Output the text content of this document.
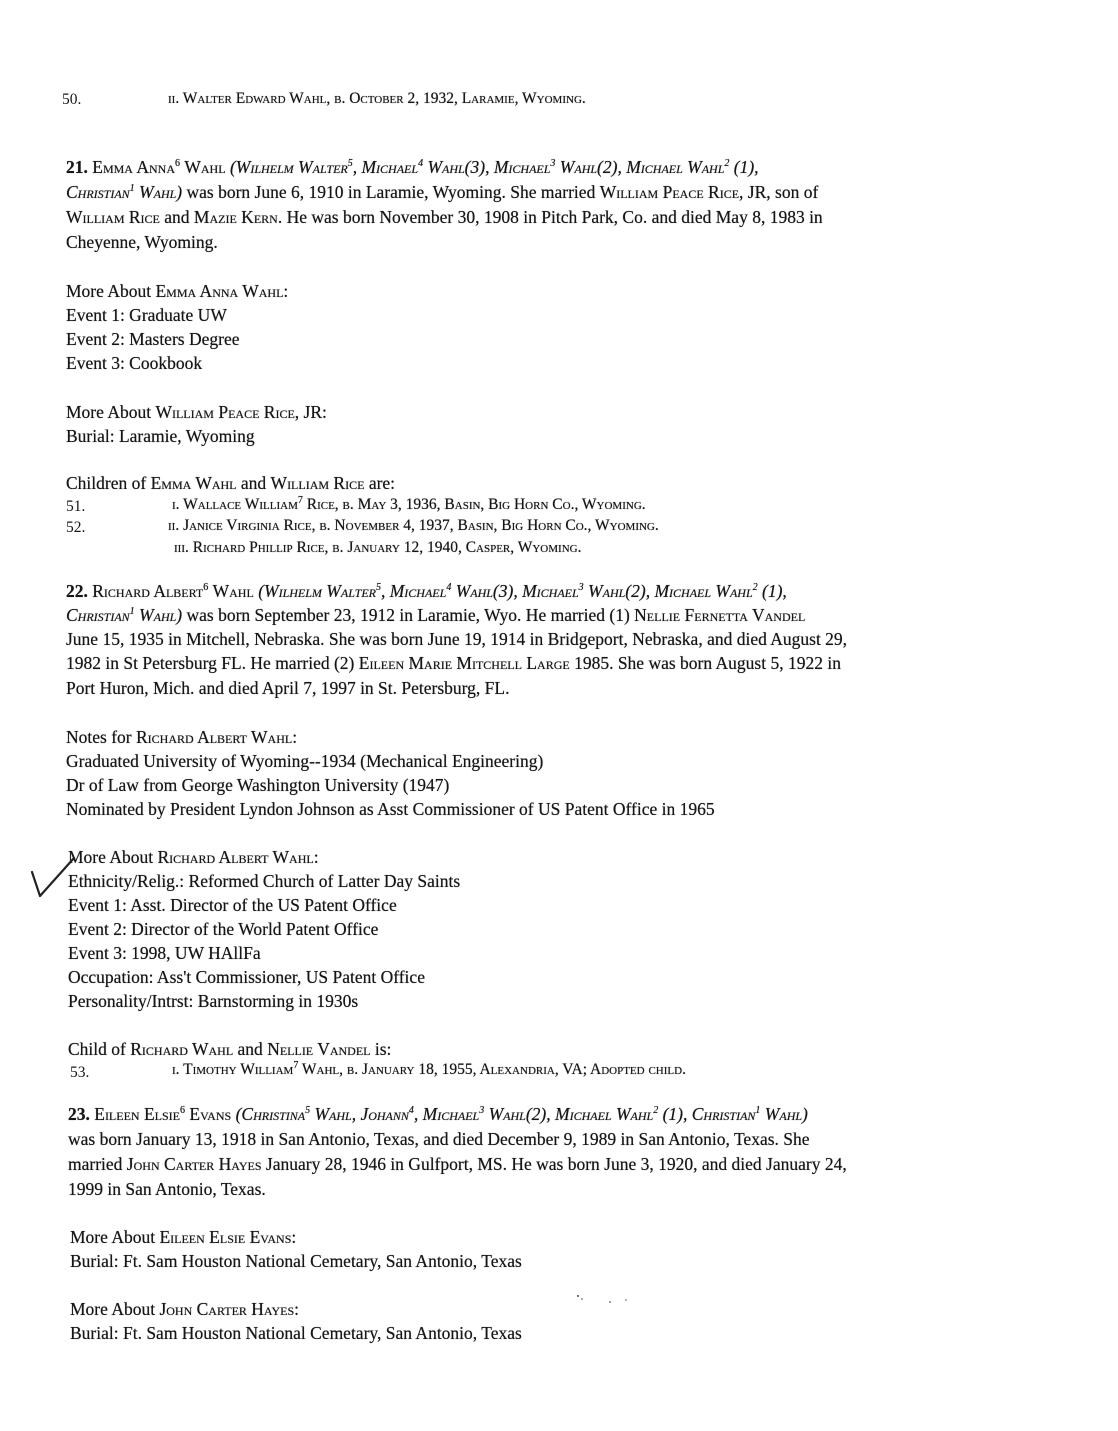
50.	ii. Walter Edward Wahl, b. October 2, 1932, Laramie, Wyoming.
21. Emma Anna$^6$ Wahl (Wilhelm Walter$^5$, Michael$^4$ Wahl(3), Michael$^3$ Wahl(2), Michael Wahl$^2$ (1),
Christian$^1$ Wahl) was born June 6, 1910 in Laramie, Wyoming. She married William Peace Rice, JR, son of
William Rice and Mazie Kern. He was born November 30, 1908 in Pitch Park, Co. and died May 8, 1983 in
Cheyenne, Wyoming.
More About Emma Anna Wahl:
Event 1: Graduate UW
Event 2: Masters Degree
Event 3: Cookbook
More About William Peace Rice, JR:
Burial: Laramie, Wyoming
Children of Emma Wahl and William Rice are:
51.	i. Wallace William$^7$ Rice, b. May 3, 1936, Basin, Big Horn Co., Wyoming.
52.	ii. Janice Virginia Rice, b. November 4, 1937, Basin, Big Horn Co., Wyoming.
iii. Richard Phillip Rice, b. January 12, 1940, Casper, Wyoming.
22. Richard Albert$^6$ Wahl (Wilhelm Walter$^5$, Michael$^4$ Wahl(3), Michael$^3$ Wahl(2), Michael Wahl$^2$ (1),
Christian$^1$ Wahl) was born September 23, 1912 in Laramie, Wyo. He married (1) Nellie Fernetta Vandel
June 15, 1935 in Mitchell, Nebraska. She was born June 19, 1914 in Bridgeport, Nebraska, and died August 29,
1982 in St Petersburg FL. He married (2) Eileen Marie Mitchell Large 1985. She was born August 5, 1922 in
Port Huron, Mich. and died April 7, 1997 in St. Petersburg, FL.
Notes for Richard Albert Wahl:
Graduated University of Wyoming--1934 (Mechanical Engineering)
Dr of Law from George Washington University (1947)
Nominated by President Lyndon Johnson as Asst Commissioner of US Patent Office in 1965
More About Richard Albert Wahl:
Ethnicity/Relig.: Reformed Church of Latter Day Saints
Event 1: Asst. Director of the US Patent Office
Event 2: Director of the World Patent Office
Event 3: 1998, UW HAllFa
Occupation: Ass't Commissioner, US Patent Office
Personality/Intrst: Barnstorming in 1930s
Child of Richard Wahl and Nellie Vandel is:
53.	i. Timothy William$^7$ Wahl, b. January 18, 1955, Alexandria, VA; Adopted child.
23. Eileen Elsie$^6$ Evans (Christina$^5$ Wahl, Johann$^4$, Michael$^3$ Wahl(2), Michael Wahl$^2$ (1), Christian$^1$ Wahl)
was born January 13, 1918 in San Antonio, Texas, and died December 9, 1989 in San Antonio, Texas. She
married John Carter Hayes January 28, 1946 in Gulfport, MS. He was born June 3, 1920, and died January 24,
1999 in San Antonio, Texas.
More About Eileen Elsie Evans:
Burial: Ft. Sam Houston National Cemetary, San Antonio, Texas
More About John Carter Hayes:
Burial: Ft. Sam Houston National Cemetary, San Antonio, Texas
